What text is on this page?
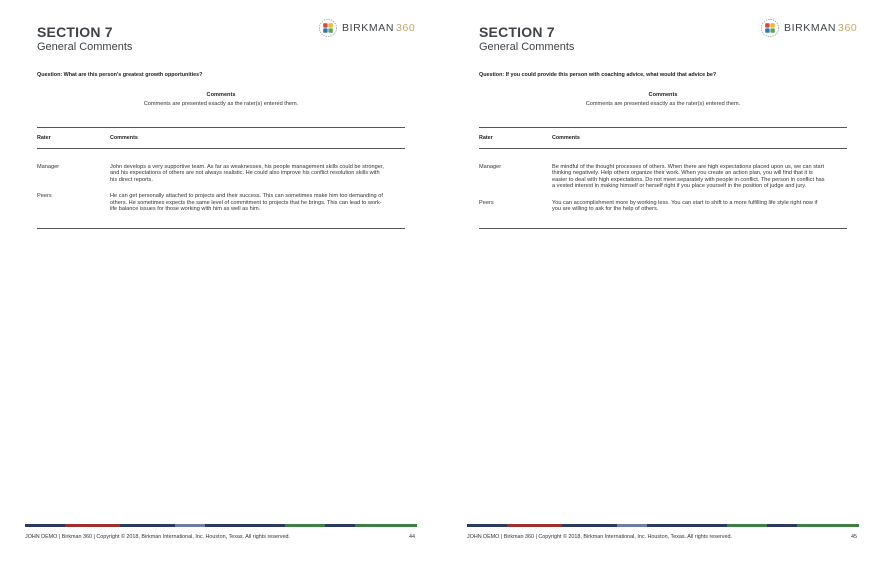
BIRKMAN 360
SECTION 7
General Comments
Question: What are this person's greatest growth opportunities?
Comments
Comments are presented exactly as the rater(s) entered them.
Rater	Comments
Manager	John develops a very supportive team. As far as weaknesses, his people management skills could be stronger, and his expectations of others are not always realistic. He could also improve his conflict resolution skills with his direct reports.
Peers	He can get personally attached to projects and their success. This can sometimes make him too demanding of others. He sometimes expects the same level of commitment to projects that he brings. This can lead to work-life balance issues for those working with him as well as him.
JOHN DEMO | Birkman 360 | Copyright © 2018, Birkman International, Inc. Houston, Texas. All rights reserved.	44
BIRKMAN 360
SECTION 7
General Comments
Question: If you could provide this person with coaching advice, what would that advice be?
Comments
Comments are presented exactly as the rater(s) entered them.
Rater	Comments
Manager	Be mindful of the thought processes of others. When there are high expectations placed upon us, we can start thinking negatively. Help others organize their work. When you create an action plan, you will find that it is easier to deal with high expectations. Do not meet separately with people in conflict. The person in conflict has a vested interest in making himself or herself right if you place yourself in the position of judge and jury.
Peers	You can accomplishment more by working less. You can start to shift to a more fulfilling life style right now if you are willing to ask for the help of others.
JOHN DEMO | Birkman 360 | Copyright © 2018, Birkman International, Inc. Houston, Texas. All rights reserved.	45
